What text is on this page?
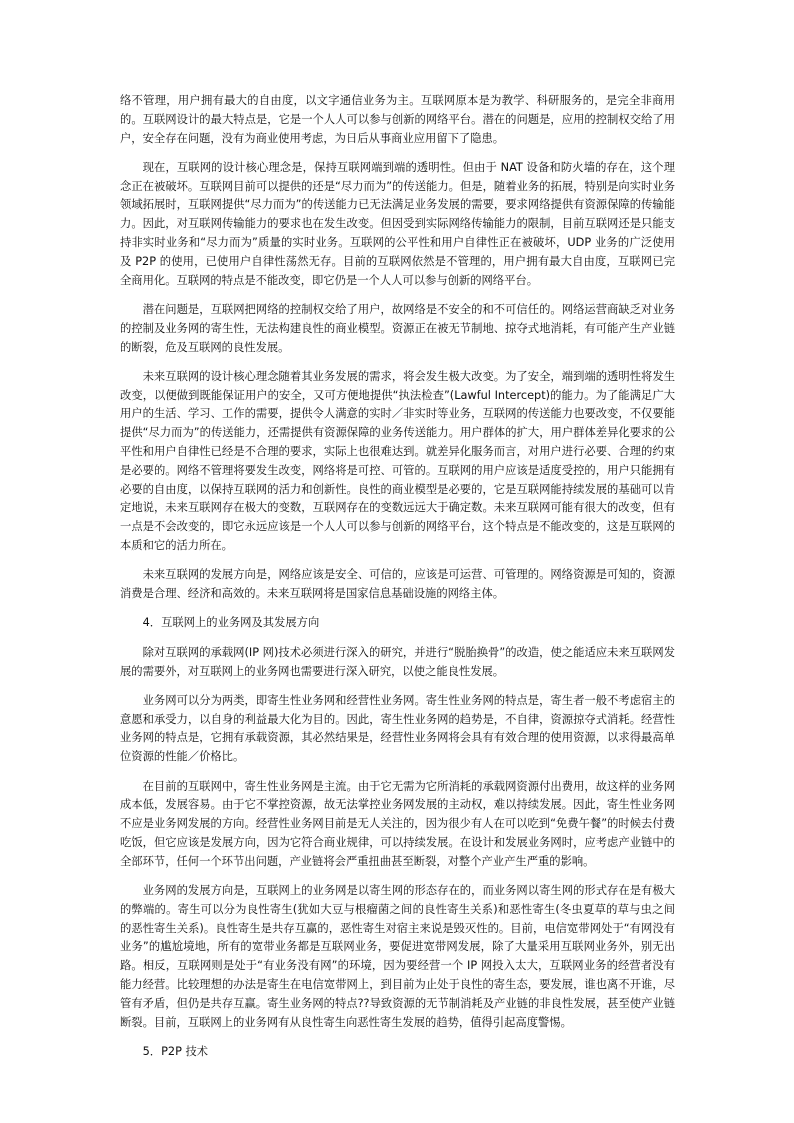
络不管理，用户拥有最大的自由度，以文字通信业务为主。互联网原本是为教学、科研服务的，是完全非商用的。互联网设计的最大特点是，它是一个人人可以参与创新的网络平台。潜在的问题是，应用的控制权交给了用户，安全存在问题，没有为商业使用考虑，为日后从事商业应用留下了隐患。

现在，互联网的设计核心理念是，保持互联网端到端的透明性。但由于 NAT 设备和防火墙的存在，这个理念正在被破坏。互联网目前可以提供的还是“尽力而为”的传送能力。但是，随着业务的拓展，特别是向实时业务领域拓展时，互联网提供“尽力而为”的传送能力已无法满足业务发展的需要，要求网络提供有资源保障的传输能力。因此，对互联网传输能力的要求也在发生改变。但因受到实际网络传输能力的限制，目前互联网还是只能支持非实时业务和“尽力而为”质量的实时业务。互联网的公平性和用户自律性正在被破坏，UDP 业务的广泛使用及 P2P 的使用，已使用户自律性荡然无存。目前的互联网依然是不管理的，用户拥有最大自由度，互联网已完全商用化。互联网的特点是不能改变，即它仍是一个人人可以参与创新的网络平台。

潜在问题是，互联网把网络的控制权交给了用户，故网络是不安全的和不可信任的。网络运营商缺乏对业务的控制及业务网的寄生性，无法构建良性的商业模型。资源正在被无节制地、掠夺式地消耗，有可能产生产业链的断裂，危及互联网的良性发展。

未来互联网的设计核心理念随着其业务发展的需求，将会发生极大改变。为了安全，端到端的透明性将发生改变，以便做到既能保证用户的安全，又可方便地提供“执法检查”(Lawful Intercept)的能力。为了能满足广大用户的生活、学习、工作的需要，提供令人满意的实时／非实时等业务，互联网的传送能力也要改变，不仅要能提供“尽力而为”的传送能力，还需提供有资源保障的业务传送能力。用户群体的扩大，用户群体差异化要求的公平性和用户自律性已经是不合理的要求，实际上也很难达到。就差异化服务而言，对用户进行必要、合理的约束是必要的。网络不管理将要发生改变，网络将是可控、可管的。互联网的用户应该是适度受控的，用户只能拥有必要的自由度，以保持互联网的活力和创新性。良性的商业模型是必要的，它是互联网能持续发展的基础可以肯定地说，未来互联网存在极大的变数，互联网存在的变数远远大于确定数。未来互联网可能有很大的改变，但有一点是不会改变的，即它永远应该是一个人人可以参与创新的网络平台，这个特点是不能改变的，这是互联网的本质和它的活力所在。

未来互联网的发展方向是，网络应该是安全、可信的，应该是可运营、可管理的。网络资源是可知的，资源消费是合理、经济和高效的。未来互联网将是国家信息基础设施的网络主体。

4．互联网上的业务网及其发展方向

除对互联网的承载网(IP 网)技术必须进行深入的研究，并进行“脱胎换骨”的改造，使之能适应未来互联网发展的需要外，对互联网上的业务网也需要进行深入研究，以使之能良性发展。

业务网可以分为两类，即寄生性业务网和经营性业务网。寄生性业务网的特点是，寄生者一般不考虑宿主的意愿和承受力，以自身的利益最大化为目的。因此，寄生性业务网的趋势是，不自律，资源掠夺式消耗。经营性业务网的特点是，它拥有承载资源，其必然结果是，经营性业务网将会具有有效合理的使用资源，以求得最高单位资源的性能／价格比。

在目前的互联网中，寄生性业务网是主流。由于它无需为它所消耗的承载网资源付出费用，故这样的业务网成本低，发展容易。由于它不掌控资源，故无法掌控业务网发展的主动权，难以持续发展。因此，寄生性业务网不应是业务网发展的方向。经营性业务网目前是无人关注的，因为很少有人在可以吃到“免费午餐”的时候去付费吃饭，但它应该是发展方向，因为它符合商业规律，可以持续发展。在设计和发展业务网时，应考虑产业链中的全部环节，任何一个环节出问题，产业链将会严重扭曲甚至断裂，对整个产业产生严重的影响。

业务网的发展方向是，互联网上的业务网是以寄生网的形态存在的，而业务网以寄生网的形式存在是有极大的弊端的。寄生可以分为良性寄生(犹如大豆与根瘤菌之间的良性寄生关系)和恶性寄生(冬虫夏草的草与虫之间的恶性寄生关系)。良性寄生是共存互赢的，恶性寄生对宿主来说是毁灭性的。目前，电信宽带网处于“有网没有业务”的尴尬境地，所有的宽带业务都是互联网业务，要促进宽带网发展，除了大量采用互联网业务外，别无出路。相反，互联网则是处于“有业务没有网”的环境，因为要经营一个 IP 网投入太大，互联网业务的经营者没有能力经营。比较理想的办法是寄生在电信宽带网上，到目前为止处于良性的寄生态，要发展，谁也离不开谁，尽管有矛盾，但仍是共存互赢。寄生业务网的特点??导致资源的无节制消耗及产业链的非良性发展，甚至使产业链断裂。目前，互联网上的业务网有从良性寄生向恶性寄生发展的趋势，值得引起高度警惕。

5．P2P 技术
